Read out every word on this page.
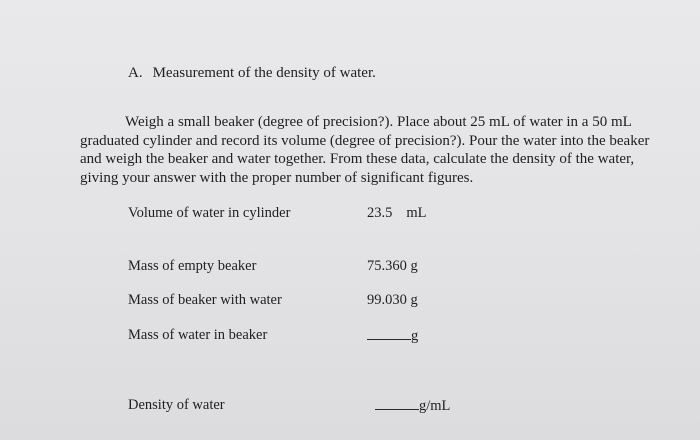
A. Measurement of the density of water.
Weigh a small beaker (degree of precision?). Place about 25 mL of water in a 50 mL
graduated cylinder and record its volume (degree of precision?). Pour the water into the beaker
and weigh the beaker and water together. From these data, calculate the density of the water,
giving your answer with the proper number of significant figures.
Volume of water in cylinder	23.5 mL
Mass of empty beaker	75.360 g
Mass of beaker with water	99.030 g
Mass of water in beaker	g
Density of water	g/mL
